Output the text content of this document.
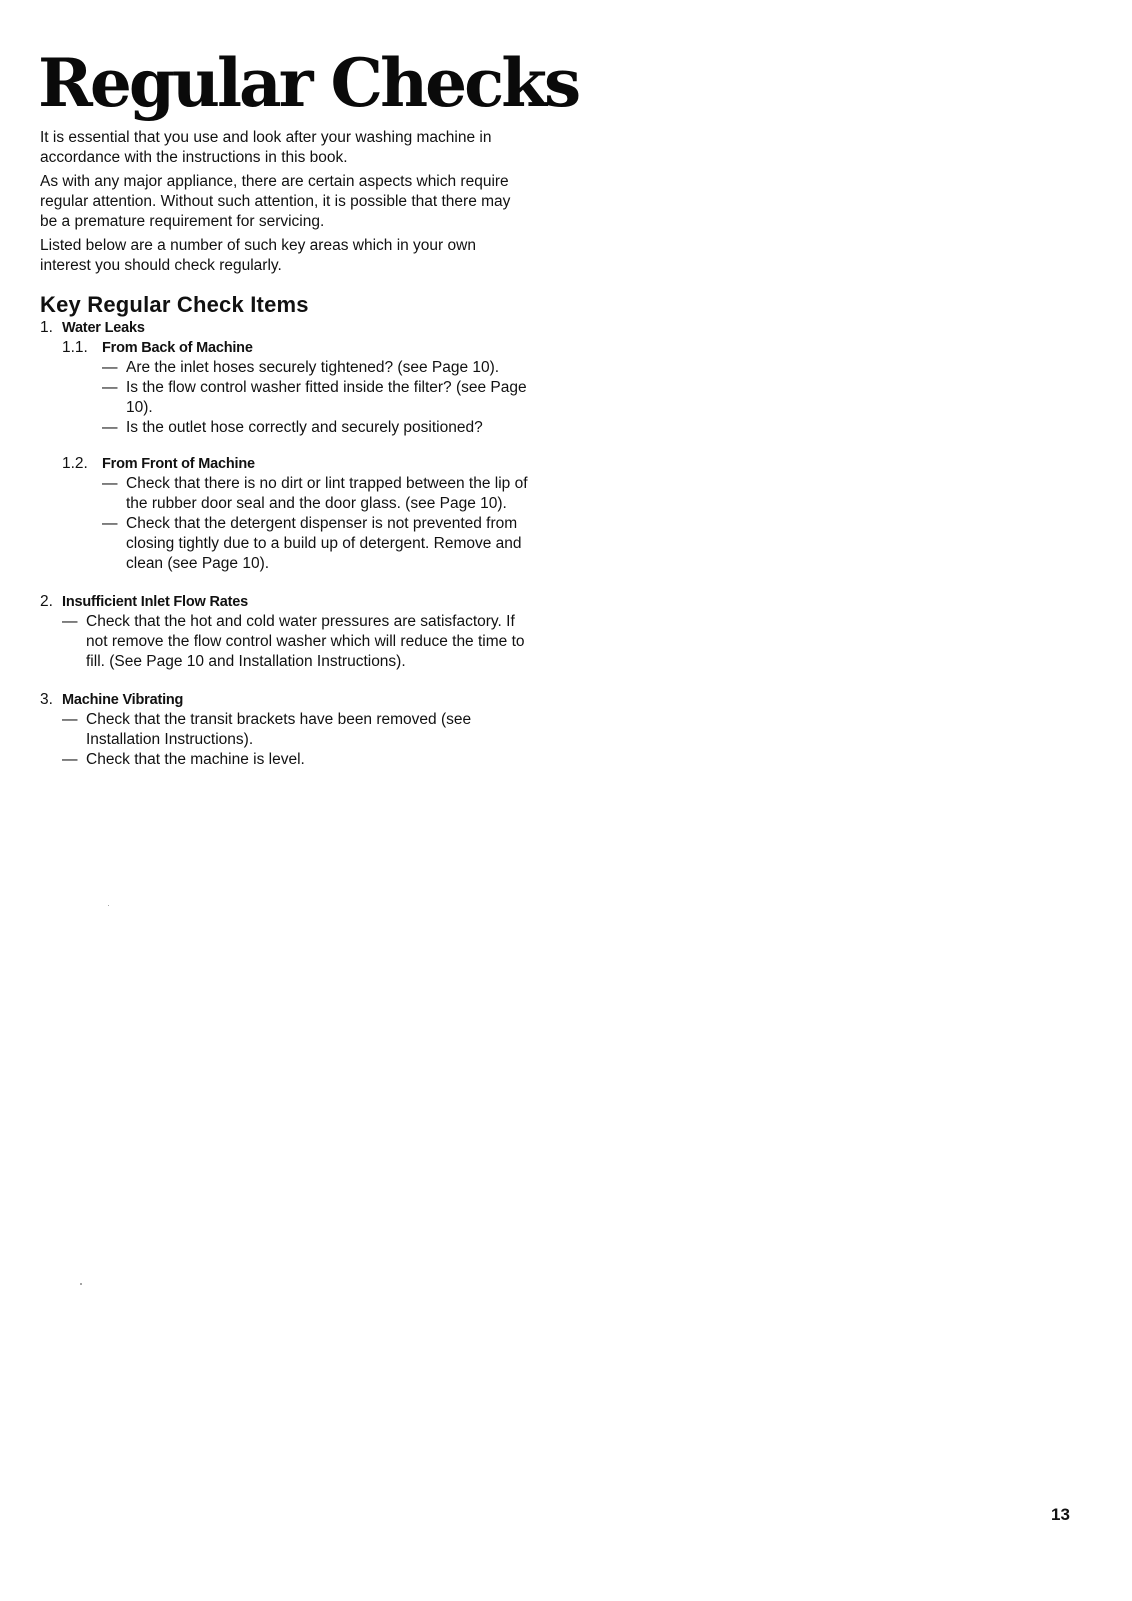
Regular Checks

It is essential that you use and look after your washing machine in accordance with the instructions in this book.

As with any major appliance, there are certain aspects which require regular attention. Without such attention, it is possible that there may be a premature requirement for servicing.

Listed below are a number of such key areas which in your own interest you should check regularly.

Key Regular Check Items
1. Water Leaks
1.1. From Back of Machine
— Are the inlet hoses securely tightened? (see Page 10).
— Is the flow control washer fitted inside the filter? (see Page 10).
— Is the outlet hose correctly and securely positioned?
1.2. From Front of Machine
— Check that there is no dirt or lint trapped between the lip of the rubber door seal and the door glass. (see Page 10).
— Check that the detergent dispenser is not prevented from closing tightly due to a build up of detergent. Remove and clean (see Page 10).
2. Insufficient Inlet Flow Rates
— Check that the hot and cold water pressures are satisfactory. If not remove the flow control washer which will reduce the time to fill. (See Page 10 and Installation Instructions).
3. Machine Vibrating
— Check that the transit brackets have been removed (see Installation Instructions).
— Check that the machine is level.
13
